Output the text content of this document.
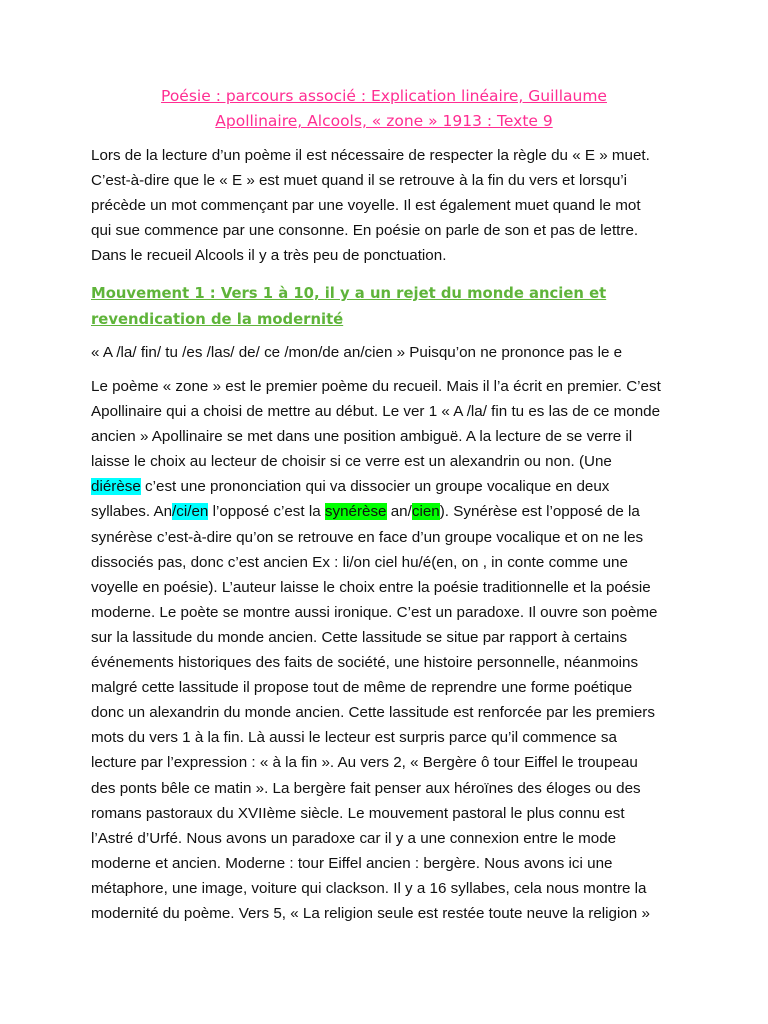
Poésie : parcours associé : Explication linéaire, Guillaume
Apollinaire, Alcools, « zone » 1913 : Texte 9
Lors de la lecture d’un poème il est nécessaire de respecter la règle du « E » muet.
C’est-à-dire que le « E » est muet quand il se retrouve à la fin du vers et lorsqu’i
précède un mot commençant par une voyelle. Il est également muet quand le mot
qui sue commence par une consonne. En poésie on parle de son et pas de lettre.
Dans le recueil Alcools il y a très peu de ponctuation.
Mouvement 1 : Vers 1 à 10, il y a un rejet du monde ancien et
revendication de la modernité
« A /la/ fin/ tu /es /las/ de/ ce /mon/de an/cien » Puisqu’on ne prononce pas le e
Le poème « zone » est le premier poème du recueil. Mais il l’a écrit en premier. C’est
Apollinaire qui a choisi de mettre au début. Le ver 1 « A /la/ fin tu es las de ce monde
ancien » Apollinaire se met dans une position ambiguë. A la lecture de se verre il
laisse le choix au lecteur de choisir si ce verre est un alexandrin ou non. (Une
diérèse c’est une prononciation qui va dissocier un groupe vocalique en deux
syllabes. An/ci/en l’opposé c’est la synérèse an/cien). Synérèse est l’opposé de la
synérèse c’est-à-dire qu’on se retrouve en face d’un groupe vocalique et on ne les
dissociés pas, donc c’est ancien Ex : li/on ciel hu/é(en, on , in conte comme une
voyelle en poésie). L’auteur laisse le choix entre la poésie traditionnelle et la poésie
moderne. Le poète se montre aussi ironique. C’est un paradoxe. Il ouvre son poème
sur la lassitude du monde ancien. Cette lassitude se situe par rapport à certains
événements historiques des faits de société, une histoire personnelle, néanmoins
malgré cette lassitude il propose tout de même de reprendre une forme poétique
donc un alexandrin du monde ancien. Cette lassitude est renforcée par les premiers
mots du vers 1 à la fin. Là aussi le lecteur est surpris parce qu’il commence sa
lecture par l’expression : « à la fin ». Au vers 2, « Bergère ô tour Eiffel le troupeau
des ponts bêle ce matin ». La bergère fait penser aux héroïnes des éloges ou des
romans pastoraux du XVIIème siècle. Le mouvement pastoral le plus connu est
l’Astré d’Urfé. Nous avons un paradoxe car il y a une connexion entre le mode
moderne et ancien. Moderne : tour Eiffel ancien : bergère. Nous avons ici une
métaphore, une image, voiture qui clackson. Il y a 16 syllabes, cela nous montre la
modernité du poème. Vers 5, « La religion seule est restée toute neuve la religion »
